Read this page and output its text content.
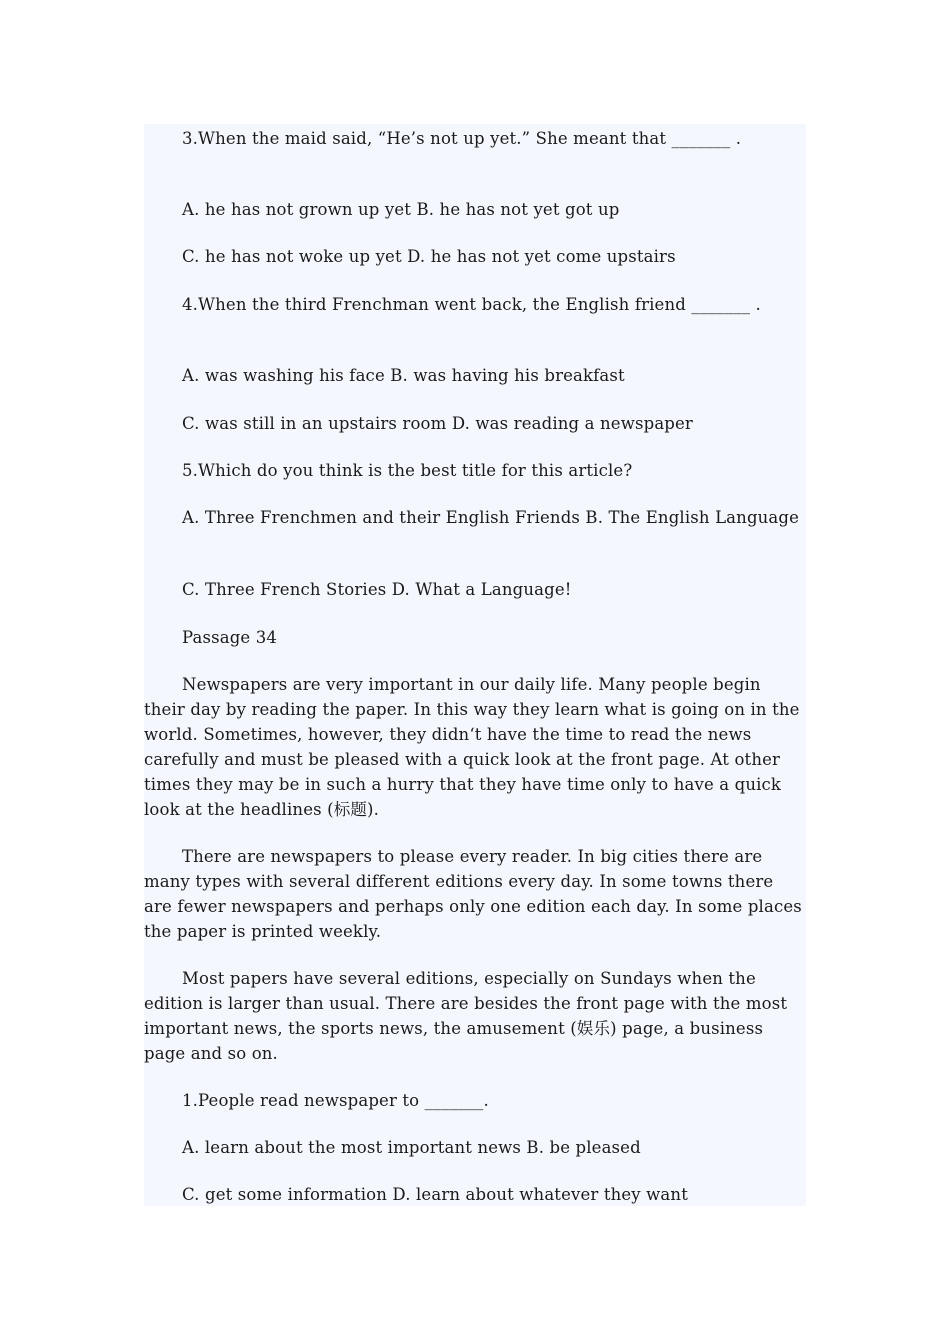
3.When the maid said, “He’s not up yet.” She meant that _______ .

A. he has not grown up yet B. he has not yet got up

C. he has not woke up yet D. he has not yet come upstairs

4.When the third Frenchman went back, the English friend _______ .

A. was washing his face B. was having his breakfast

C. was still in an upstairs room D. was reading a newspaper

5.Which do you think is the best title for this article?

A. Three Frenchmen and their English Friends B. The English Language

C. Three French Stories D. What a Language!

Passage 34

Newspapers are very important in our daily life. Many people begin their day by reading the paper. In this way they learn what is going on in the world. Sometimes, however, they didn‘t have the time to read the news carefully and must be pleased with a quick look at the front page. At other times they may be in such a hurry that they have time only to have a quick look at the headlines (标题).

There are newspapers to please every reader. In big cities there are many types with several different editions every day. In some towns there are fewer newspapers and perhaps only one edition each day. In some places the paper is printed weekly.

Most papers have several editions, especially on Sundays when the edition is larger than usual. There are besides the front page with the most important news, the sports news, the amusement (娱乐) page, a business page and so on.

1.People read newspaper to _______.

A. learn about the most important news B. be pleased

C. get some information D. learn about whatever they want
